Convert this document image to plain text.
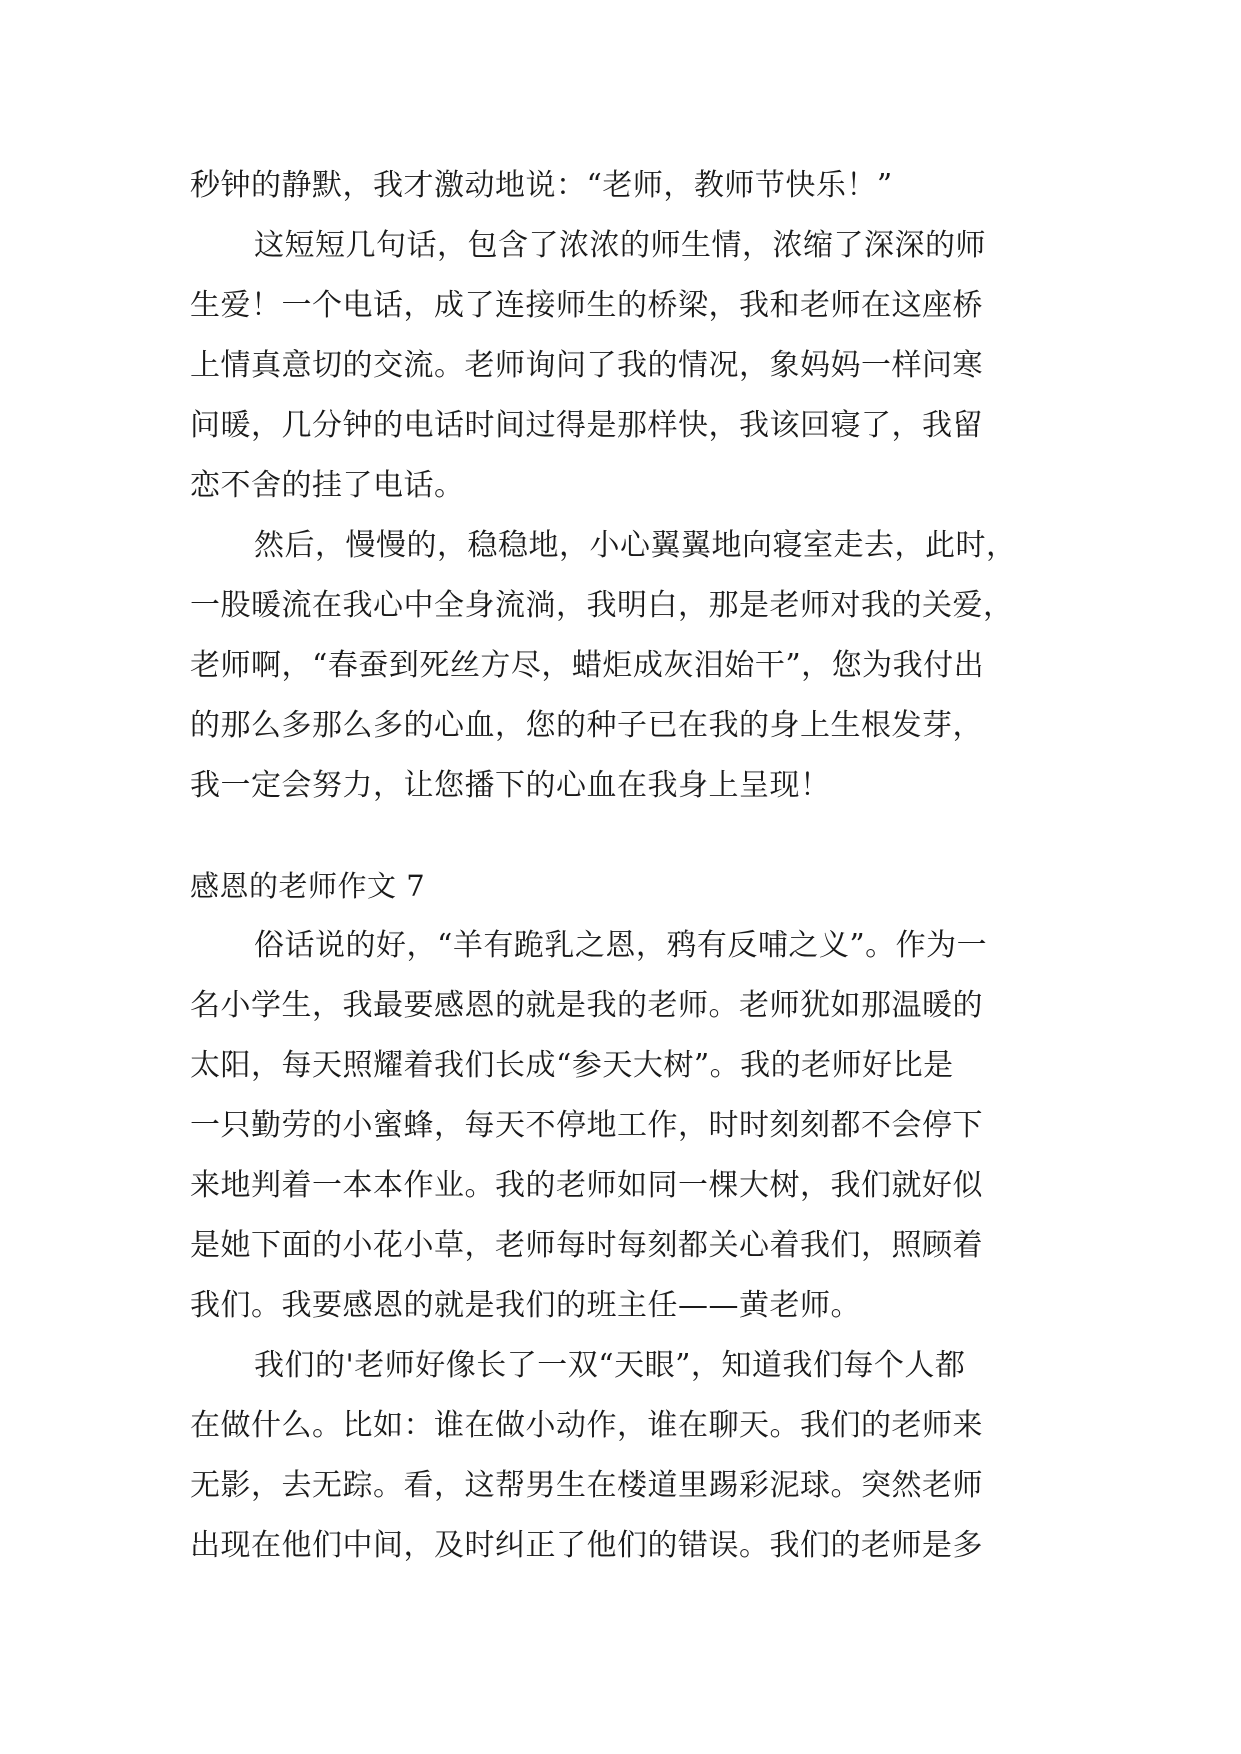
秒钟的静默，我才激动地说：“老师，教师节快乐！”
这短短几句话，包含了浓浓的师生情，浓缩了深深的师
生爱！一个电话，成了连接师生的桥梁，我和老师在这座桥
上情真意切的交流。老师询问了我的情况，象妈妈一样问寒
问暖，几分钟的电话时间过得是那样快，我该回寝了，我留
恋不舍的挂了电话。
然后，慢慢的，稳稳地，小心翼翼地向寝室走去，此时，
一股暖流在我心中全身流淌，我明白，那是老师对我的关爱，
老师啊，“春蚕到死丝方尽，蜡炬成灰泪始干”，您为我付出
的那么多那么多的心血，您的种子已在我的身上生根发芽，
我一定会努力，让您播下的心血在我身上呈现！
感恩的老师作文 7
俗话说的好，“羊有跪乳之恩，鸦有反哺之义”。作为一
名小学生，我最要感恩的就是我的老师。老师犹如那温暖的
太阳，每天照耀着我们长成“参天大树”。我的老师好比是
一只勤劳的小蜜蜂，每天不停地工作，时时刻刻都不会停下
来地判着一本本作业。我的老师如同一棵大树，我们就好似
是她下面的小花小草，老师每时每刻都关心着我们，照顾着
我们。我要感恩的就是我们的班主任——黄老师。
我们的'老师好像长了一双“天眼”，知道我们每个人都
在做什么。比如：谁在做小动作，谁在聊天。我们的老师来
无影，去无踪。看，这帮男生在楼道里踢彩泥球。突然老师
出现在他们中间，及时纠正了他们的错误。我们的老师是多
